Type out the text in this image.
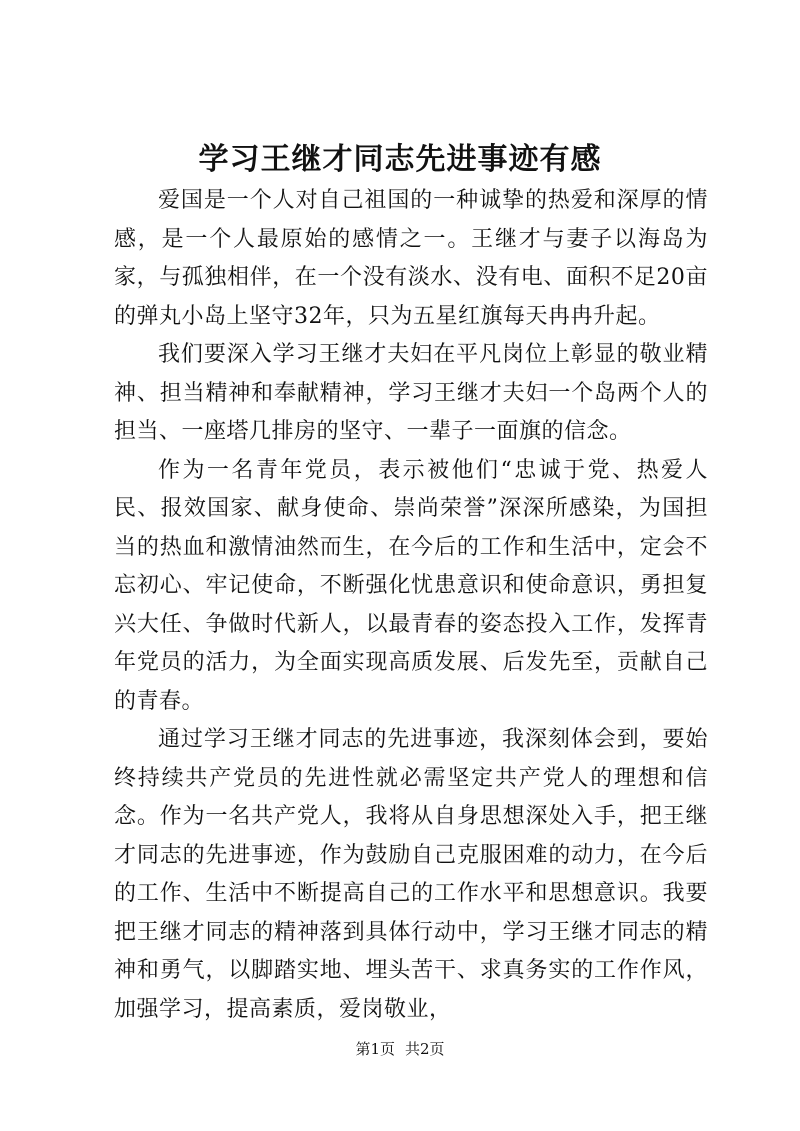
学习王继才同志先进事迹有感

爱国是一个人对自己祖国的一种诚挚的热爱和深厚的情感，是一个人最原始的感情之一。王继才与妻子以海岛为家，与孤独相伴，在一个没有淡水、没有电、面积不足20亩的弹丸小岛上坚守32年，只为五星红旗每天冉冉升起。

我们要深入学习王继才夫妇在平凡岗位上彰显的敬业精神、担当精神和奉献精神，学习王继才夫妇一个岛两个人的担当、一座塔几排房的坚守、一辈子一面旗的信念。

作为一名青年党员，表示被他们“忠诚于党、热爱人民、报效国家、献身使命、崇尚荣誉”深深所感染，为国担当的热血和激情油然而生，在今后的工作和生活中，定会不忘初心、牢记使命，不断强化忧患意识和使命意识，勇担复兴大任、争做时代新人，以最青春的姿态投入工作，发挥青年党员的活力，为全面实现高质发展、后发先至，贡献自己的青春。

通过学习王继才同志的先进事迹，我深刻体会到，要始终持续共产党员的先进性就必需坚定共产党人的理想和信念。作为一名共产党人，我将从自身思想深处入手，把王继才同志的先进事迹，作为鼓励自己克服困难的动力，在今后的工作、生活中不断提高自己的工作水平和思想意识。我要把王继才同志的精神落到具体行动中，学习王继才同志的精神和勇气，以脚踏实地、埋头苦干、求真务实的工作作风，加强学习，提高素质，爱岗敬业，

第1页 共2页
